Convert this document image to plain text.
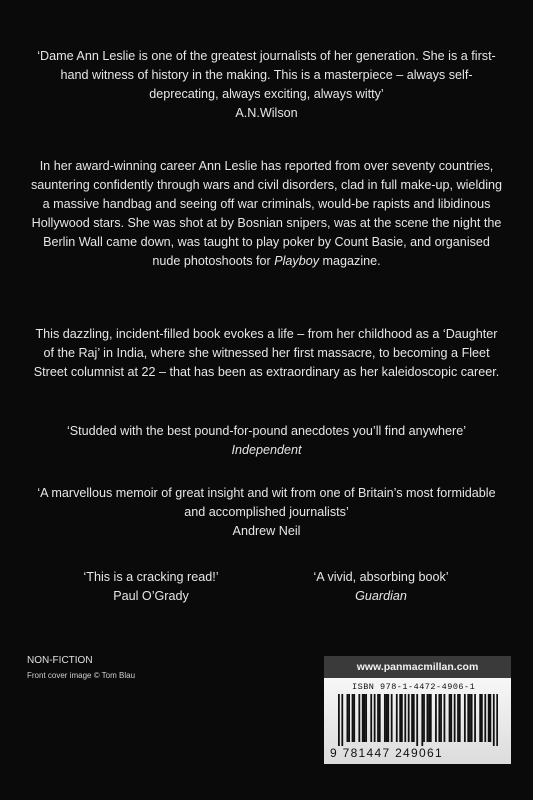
‘Dame Ann Leslie is one of the greatest journalists of her generation. She is a first-hand witness of history in the making. This is a masterpiece – always self-deprecating, always exciting, always witty’

A.N.Wilson

In her award-winning career Ann Leslie has reported from over seventy countries, sauntering confidently through wars and civil disorders, clad in full make-up, wielding a massive handbag and seeing off war criminals, would-be rapists and libidinous Hollywood stars. She was shot at by Bosnian snipers, was at the scene the night the Berlin Wall came down, was taught to play poker by Count Basie, and organised nude photoshoots for Playboy magazine.

This dazzling, incident-filled book evokes a life – from her childhood as a ‘Daughter of the Raj’ in India, where she witnessed her first massacre, to becoming a Fleet Street columnist at 22 – that has been as extraordinary as her kaleidoscopic career.

‘Studded with the best pound-for-pound anecdotes you’ll find anywhere’

Independent

‘A marvellous memoir of great insight and wit from one of Britain’s most formidable and accomplished journalists’

Andrew Neil

‘This is a cracking read!’

Paul O’Grady

‘A vivid, absorbing book’

Guardian
NON-FICTION
Front cover image © Tom Blau
www.panmacmillan.com
ISBN 978-1-4472-4906-1
9 781447 249061
